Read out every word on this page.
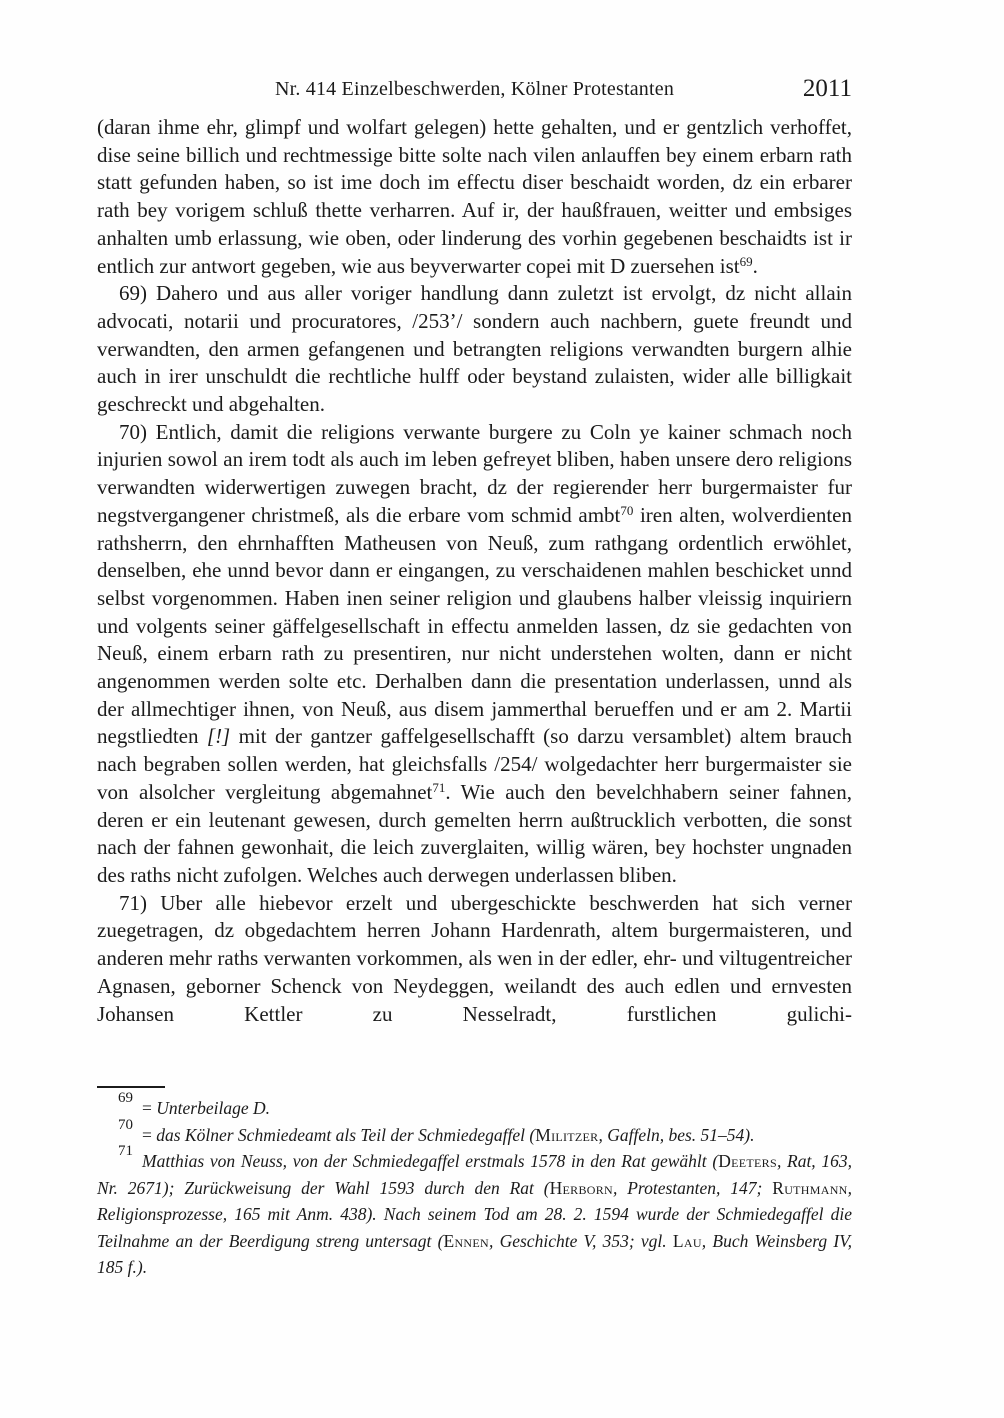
Nr. 414 Einzelbeschwerden, Kölner Protestanten	2011

(daran ihme ehr, glimpf und wolfart gelegen) hette gehalten, und er gentzlich verhoffet, dise seine billich und rechtmessige bitte solte nach vilen anlauffen bey einem erbarn rath statt gefunden haben, so ist ime doch im effectu diser beschaidt worden, dz ein erbarer rath bey vorigem schluß thette verharren. Auf ir, der haußfrauen, weitter und embsiges anhalten umb erlassung, wie oben, oder linderung des vorhin gegebenen beschaidts ist ir entlich zur antwort gegeben, wie aus beyverwarter copei mit D zuersehen ist$^{69}$.

69) Dahero und aus aller voriger handlung dann zuletzt ist ervolgt, dz nicht allain advocati, notarii und procuratores, /253’/ sondern auch nachbern, guete freundt und verwandten, den armen gefangenen und betrangten religions verwandten burgern alhie auch in irer unschuldt die rechtliche hulff oder beystand zulaisten, wider alle billigkait geschreckt und abgehalten.

70) Entlich, damit die religions verwante burgere zu Coln ye kainer schmach noch injurien sowol an irem todt als auch im leben gefreyet bliben, haben unsere dero religions verwandten widerwertigen zuwegen bracht, dz der regierender herr burgermaister fur negstvergangener christmeß, als die erbare vom schmid ambt$^{70}$ iren alten, wolverdienten rathsherrn, den ehrnhafften Matheusen von Neuß, zum rathgang ordentlich erwöhlet, denselben, ehe unnd bevor dann er eingangen, zu verschaidenen mahlen beschicket unnd selbst vorgenommen. Haben inen seiner religion und glaubens halber vleissig inquiriern und volgents seiner gäffelgesellschaft in effectu anmelden lassen, dz sie gedachten von Neuß, einem erbarn rath zu presentiren, nur nicht understehen wolten, dann er nicht angenommen werden solte etc. Derhalben dann die presentation underlassen, unnd als der allmechtiger ihnen, von Neuß, aus disem jammerthal berueffen und er am 2. Martii negstliedten [!] mit der gantzer gaffelgesellschafft (so darzu versamblet) altem brauch nach begraben sollen werden, hat gleichsfalls /254/ wolgedachter herr burgermaister sie von alsolcher vergleitung abgemahnet$^{71}$. Wie auch den bevelchhabern seiner fahnen, deren er ein leutenant gewesen, durch gemelten herrn außtrucklich verbotten, die sonst nach der fahnen gewonhait, die leich zuverglaiten, willig wären, bey hochster ungnaden des raths nicht zufolgen. Welches auch derwegen underlassen bliben.

71) Uber alle hiebevor erzelt und ubergeschickte beschwerden hat sich verner zuegetragen, dz obgedachtem herren Johann Hardenrath, altem burgermaisteren, und anderen mehr raths verwanten vorkommen, als wen in der edler, ehr- und viltugentreicher Agnasen, geborner Schenck von Neydeggen, weilandt des auch edlen und ernvesten Johansen Kettler zu Nesselradt, furstlichen gulichi-

$^{69}$ = Unterbeilage D.

$^{70}$ = das Kölner Schmiedeamt als Teil der Schmiedegaffel (Militzer, Gaffeln, bes. 51–54).

$^{71}$ Matthias von Neuss, von der Schmiedegaffel erstmals 1578 in den Rat gewählt (Deeters, Rat, 163, Nr. 2671); Zurückweisung der Wahl 1593 durch den Rat (Herborn, Protestanten, 147; Ruthmann, Religionsprozesse, 165 mit Anm. 438). Nach seinem Tod am 28. 2. 1594 wurde der Schmiedegaffel die Teilnahme an der Beerdigung streng untersagt (Ennen, Geschichte V, 353; vgl. Lau, Buch Weinsberg IV, 185 f.).
